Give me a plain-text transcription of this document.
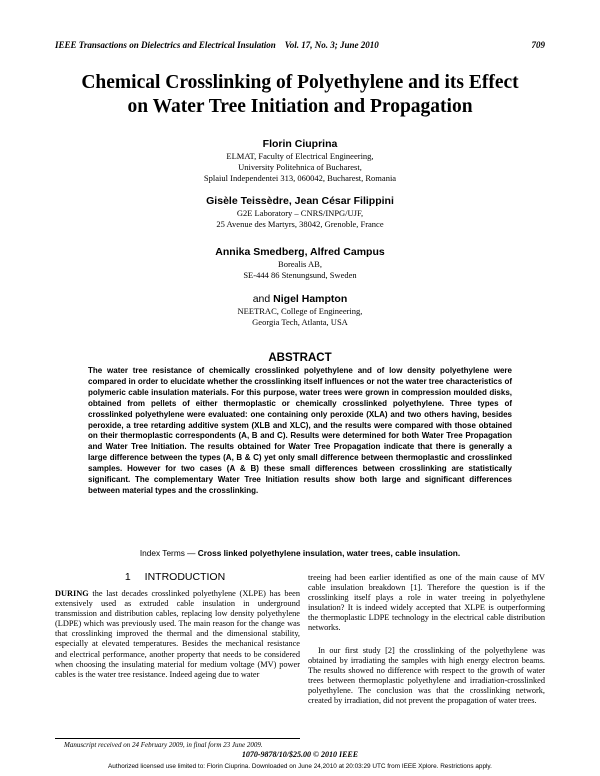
IEEE Transactions on Dielectrics and Electrical Insulation    Vol. 17, No. 3; June 2010	709
Chemical Crosslinking of Polyethylene and its Effect
on Water Tree Initiation and Propagation
Florin Ciuprina
ELMAT, Faculty of Electrical Engineering,
University Politehnica of Bucharest,
Splaiul Independentei 313, 060042, Bucharest, Romania
Gisèle Teissèdre, Jean César Filippini
G2E Laboratory – CNRS/INPG/UJF,
25 Avenue des Martyrs, 38042, Grenoble, France
Annika Smedberg, Alfred Campus
Borealis AB,
SE-444 86 Stenungsund, Sweden
and Nigel Hampton
NEETRAC, College of Engineering,
Georgia Tech, Atlanta, USA
ABSTRACT

The water tree resistance of chemically crosslinked polyethylene and of low density polyethylene were compared in order to elucidate whether the crosslinking itself influences or not the water tree characteristics of polymeric cable insulation materials. For this purpose, water trees were grown in compression moulded disks, obtained from pellets of either thermoplastic or chemically crosslinked polyethylene. Three types of crosslinked polyethylene were evaluated: one containing only peroxide (XLA) and two others having, besides peroxide, a tree retarding additive system (XLB and XLC), and the results were compared with those obtained on their thermoplastic correspondents (A, B and C). Results were determined for both Water Tree Propagation and Water Tree Initiation. The results obtained for Water Tree Propagation indicate that there is generally a large difference between the types (A, B & C) yet only small difference between thermoplastic and crosslinked samples. However for two cases (A & B) these small differences between crosslinking are statistically significant. The complementary Water Tree Initiation results show both large and significant differences between material types and the crosslinking.

Index Terms — Cross linked polyethylene insulation, water trees, cable insulation.
1 INTRODUCTION

DURING the last decades crosslinked polyethylene (XLPE) has been extensively used as extruded cable insulation in underground transmission and distribution cables, replacing low density polyethylene (LDPE) which was previously used. The main reason for the change was that crosslinking improved the thermal and the dimensional stability, especially at elevated temperatures. Besides the mechanical resistance and electrical performance, another property that needs to be considered when choosing the insulating material for medium voltage (MV) power cables is the water tree resistance. Indeed ageing due to water

treeing had been earlier identified as one of the main cause of MV cable insulation breakdown [1]. Therefore the question is if the crosslinking itself plays a role in water treeing in polyethylene insulation? It is indeed widely accepted that XLPE is outperforming the thermoplastic LDPE technology in the electrical cable distribution networks.

In our first study [2] the crosslinking of the polyethylene was obtained by irradiating the samples with high energy electron beams. The results showed no difference with respect to the growth of water trees between thermoplastic polyethylene and irradiation-crosslinked polyethylene. The conclusion was that the crosslinking network, created by irradiation, did not prevent the propagation of water trees.

Manuscript received on 24 February 2009, in final form 23 June 2009.
1070-9878/10/$25.00 © 2010 IEEE
Authorized licensed use limited to: Florin Ciuprina. Downloaded on June 24,2010 at 20:03:29 UTC from IEEE Xplore. Restrictions apply.
